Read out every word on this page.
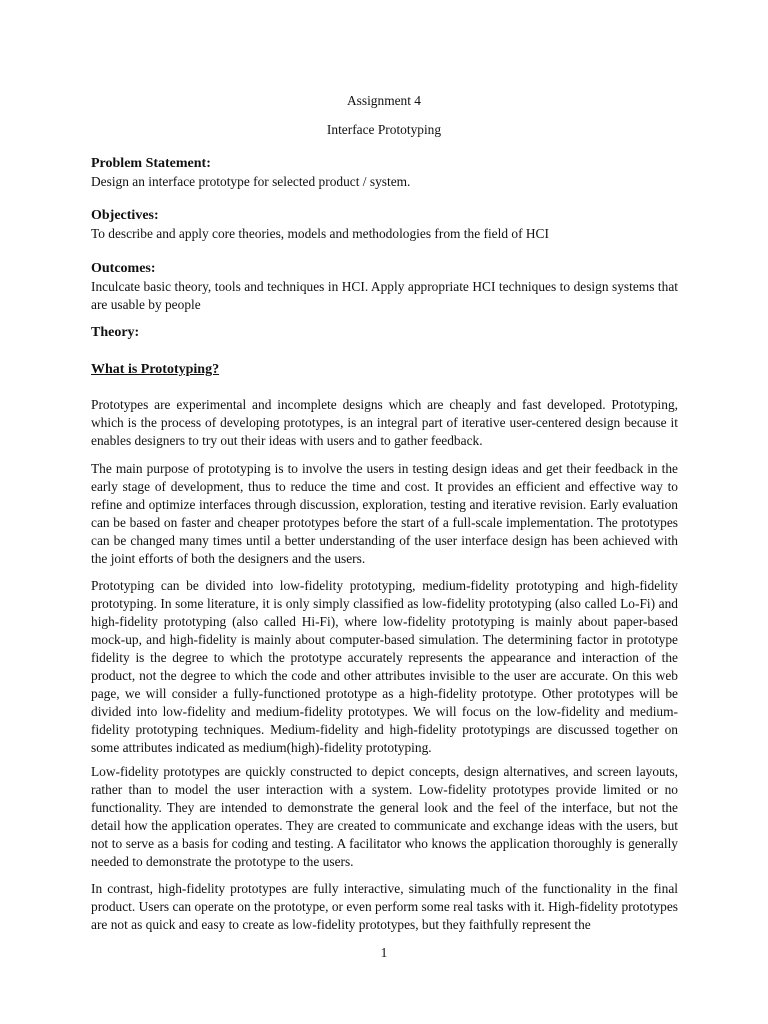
Assignment 4

Interface Prototyping

Problem Statement:

Design an interface prototype for selected product / system.

Objectives:

To describe and apply core theories, models and methodologies from the field of HCI

Outcomes:

Inculcate basic theory, tools and techniques in HCI. Apply appropriate HCI techniques to design systems that are usable by people

Theory:

What is Prototyping?

Prototypes are experimental and incomplete designs which are cheaply and fast developed. Prototyping, which is the process of developing prototypes, is an integral part of iterative user-centered design because it enables designers to try out their ideas with users and to gather feedback.

The main purpose of prototyping is to involve the users in testing design ideas and get their feedback in the early stage of development, thus to reduce the time and cost. It provides an efficient and effective way to refine and optimize interfaces through discussion, exploration, testing and iterative revision. Early evaluation can be based on faster and cheaper prototypes before the start of a full-scale implementation. The prototypes can be changed many times until a better understanding of the user interface design has been achieved with the joint efforts of both the designers and the users.

Prototyping can be divided into low-fidelity prototyping, medium-fidelity prototyping and high-fidelity prototyping. In some literature, it is only simply classified as low-fidelity prototyping (also called Lo-Fi) and high-fidelity prototyping (also called Hi-Fi), where low-fidelity prototyping is mainly about paper-based mock-up, and high-fidelity is mainly about computer-based simulation. The determining factor in prototype fidelity is the degree to which the prototype accurately represents the appearance and interaction of the product, not the degree to which the code and other attributes invisible to the user are accurate. On this web page, we will consider a fully-functioned prototype as a high-fidelity prototype. Other prototypes will be divided into low-fidelity and medium-fidelity prototypes. We will focus on the low-fidelity and medium-fidelity prototyping techniques. Medium-fidelity and high-fidelity prototypings are discussed together on some attributes indicated as medium(high)-fidelity prototyping.

Low-fidelity prototypes are quickly constructed to depict concepts, design alternatives, and screen layouts, rather than to model the user interaction with a system. Low-fidelity prototypes provide limited or no functionality. They are intended to demonstrate the general look and the feel of the interface, but not the detail how the application operates. They are created to communicate and exchange ideas with the users, but not to serve as a basis for coding and testing. A facilitator who knows the application thoroughly is generally needed to demonstrate the prototype to the users.

In contrast, high-fidelity prototypes are fully interactive, simulating much of the functionality in the final product. Users can operate on the prototype, or even perform some real tasks with it. High-fidelity prototypes are not as quick and easy to create as low-fidelity prototypes, but they faithfully represent the

1
